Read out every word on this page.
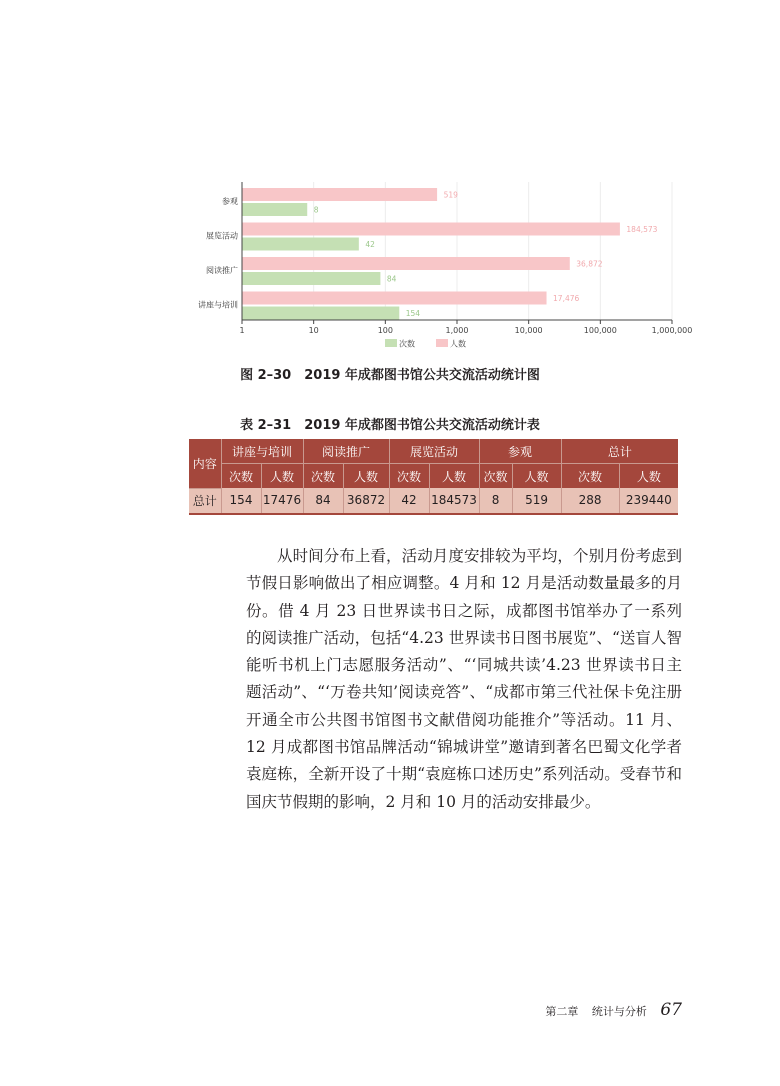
519
8
184,573
42
36,872
84
17,476
154
1	10	100	1,000	10,000	100,000	1,000,000
参观
展览活动
阅读推广
讲座与培训
次数	人数
图 2–30　2019 年成都图书馆公共交流活动统计图
表 2–31　2019 年成都图书馆公共交流活动统计表
内容	讲座与培训		阅读推广		展览活动		参观		总计	
	次数	人数	次数	人数	次数	人数	次数	人数	次数	人数
总计	154	17476	84	36872	42	184573	8	519	288	239440

从时间分布上看，活动月度安排较为平均，个别月份考虑到节假日影响做出了相应调整。4 月和 12 月是活动数量最多的月份。借 4 月 23 日世界读书日之际，成都图书馆举办了一系列的阅读推广活动，包括“4.23 世界读书日图书展览”、“送盲人智能听书机上门志愿服务活动”、“‘同城共读’4.23 世界读书日主题活动”、“‘万卷共知’阅读竞答”、“成都市第三代社保卡免注册开通全市公共图书馆图书文献借阅功能推介”等活动。11 月、12 月成都图书馆品牌活动“锦城讲堂”邀请到著名巴蜀文化学者袁庭栋，全新开设了十期“袁庭栋口述历史”系列活动。受春节和国庆节假期的影响，2 月和 10 月的活动安排最少。

第二章 统计与分析 67
